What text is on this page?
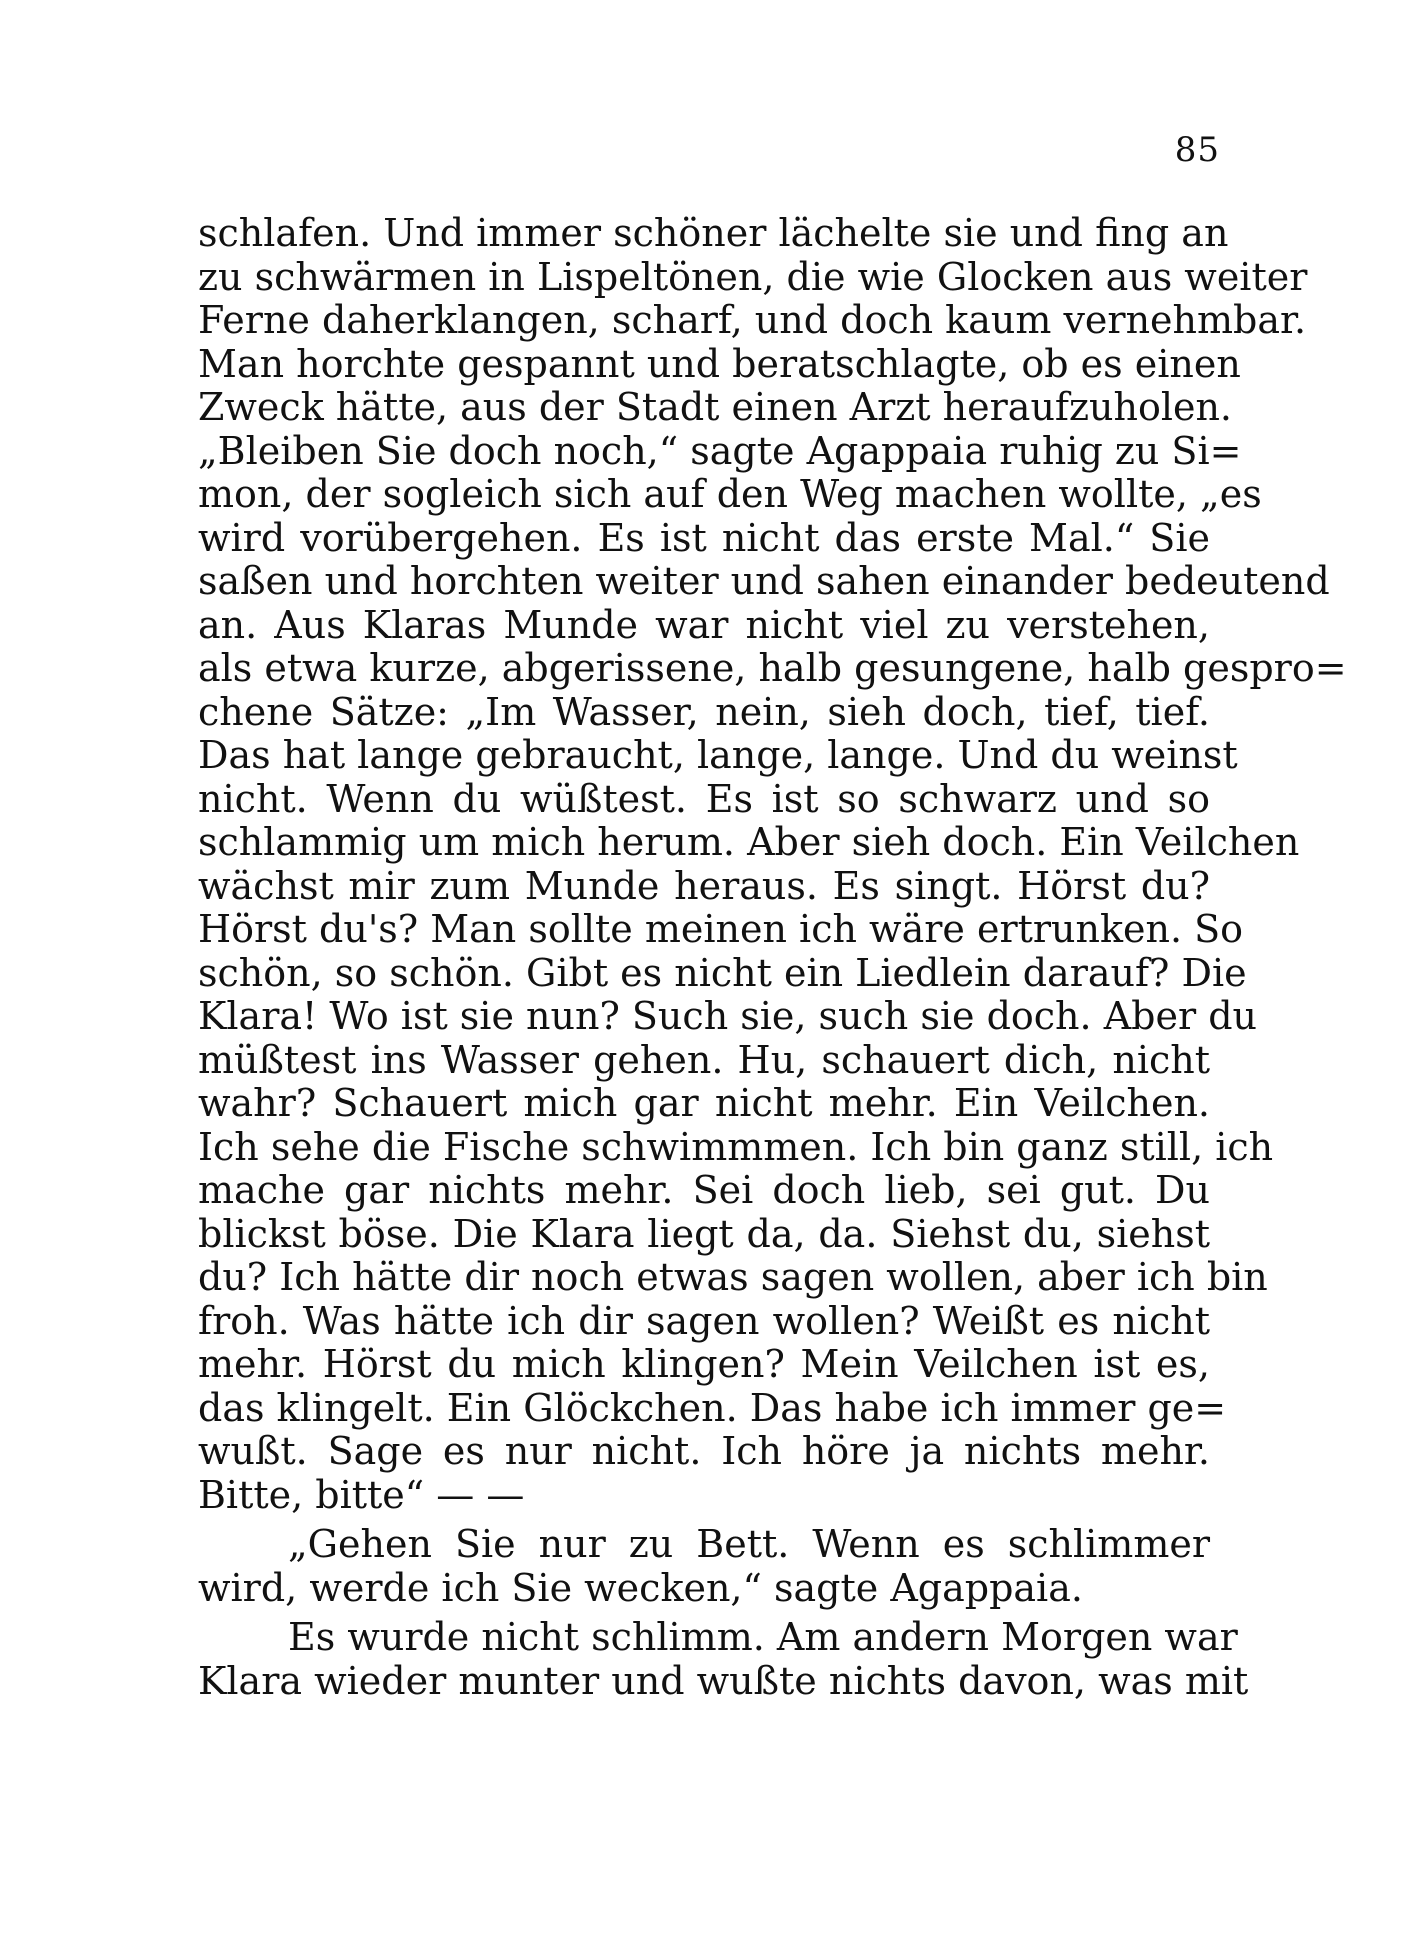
85
schlafen. Und immer schöner lächelte sie und fing an
zu schwärmen in Lispeltönen, die wie Glocken aus weiter
Ferne daherklangen, scharf, und doch kaum vernehmbar.
Man horchte gespannt und beratschlagte, ob es einen
Zweck hätte, aus der Stadt einen Arzt heraufzuholen.
„Bleiben Sie doch noch,“ sagte Agappaia ruhig zu Si=
mon, der sogleich sich auf den Weg machen wollte, „es
wird vorübergehen. Es ist nicht das erste Mal.“ Sie
saßen und horchten weiter und sahen einander bedeutend
an. Aus Klaras Munde war nicht viel zu verstehen,
als etwa kurze, abgerissene, halb gesungene, halb gespro=
chene Sätze: „Im Wasser, nein, sieh doch, tief, tief.
Das hat lange gebraucht, lange, lange. Und du weinst
nicht. Wenn du wüßtest. Es ist so schwarz und so
schlammig um mich herum. Aber sieh doch. Ein Veilchen
wächst mir zum Munde heraus. Es singt. Hörst du?
Hörst du's? Man sollte meinen ich wäre ertrunken. So
schön, so schön. Gibt es nicht ein Liedlein darauf? Die
Klara! Wo ist sie nun? Such sie, such sie doch. Aber du
müßtest ins Wasser gehen. Hu, schauert dich, nicht
wahr? Schauert mich gar nicht mehr. Ein Veilchen.
Ich sehe die Fische schwimmmen. Ich bin ganz still, ich
mache gar nichts mehr. Sei doch lieb, sei gut. Du
blickst böse. Die Klara liegt da, da. Siehst du, siehst
du? Ich hätte dir noch etwas sagen wollen, aber ich bin
froh. Was hätte ich dir sagen wollen? Weißt es nicht
mehr. Hörst du mich klingen? Mein Veilchen ist es,
das klingelt. Ein Glöckchen. Das habe ich immer ge=
wußt. Sage es nur nicht. Ich höre ja nichts mehr.
Bitte, bitte“ — —
„Gehen Sie nur zu Bett. Wenn es schlimmer
wird, werde ich Sie wecken,“ sagte Agappaia.
Es wurde nicht schlimm. Am andern Morgen war
Klara wieder munter und wußte nichts davon, was mit
